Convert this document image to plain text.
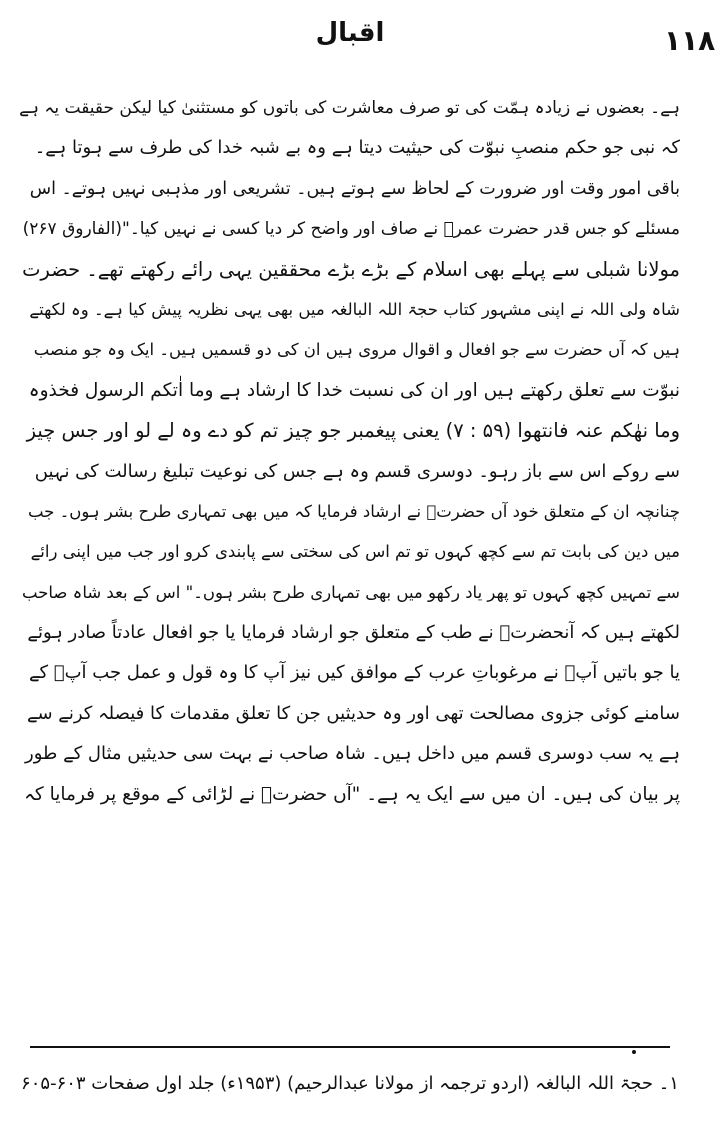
اقبال	۱۱۸
ہے۔ بعضوں نے زیادہ ہمّت کی تو صرف معاشرت کی باتوں کو مستثنیٰ کیا لیکن حقیقت یہ ہے
کہ نبی جو حکم منصبِ نبوّت کی حیثیت دیتا ہے وہ بے شبہ خدا کی طرف سے ہوتا ہے۔
باقی امور وقت اور ضرورت کے لحاظ سے ہوتے ہیں۔ تشریعی اور مذہبی نہیں ہوتے۔ اس
مسئلے کو جس قدر حضرت عمرؓ نے صاف اور واضح کر دیا کسی نے نہیں کیا۔"(الفاروق ۲۶۷)
مولانا شبلی سے پہلے بھی اسلام کے بڑے بڑے محققین یہی رائے رکھتے تھے۔ حضرت
شاہ ولی اللہ نے اپنی مشہور کتاب حجۃ اللہ البالغہ میں بھی یہی نظریہ پیش کیا ہے۔ وہ لکھتے
ہیں کہ آں حضرت سے جو افعال و اقوال مروی ہیں ان کی دو قسمیں ہیں۔ ایک وہ جو منصب
نبوّت سے تعلق رکھتے ہیں اور ان کی نسبت خدا کا ارشاد ہے وما اٰتکم الرسول فخذوہ
وما نھٰکم عنہ فانتھوا (۵۹ : ۷) یعنی پیغمبر جو چیز تم کو دے وہ لے لو اور جس چیز
سے روکے اس سے باز رہو۔ دوسری قسم وہ ہے جس کی نوعیت تبلیغ رسالت کی نہیں
چنانچہ ان کے متعلق خود آں حضرتؐ نے ارشاد فرمایا کہ میں بھی تمہاری طرح بشر ہوں۔ جب
میں دین کی بابت تم سے کچھ کہوں تو تم اس کی سختی سے پابندی کرو اور جب میں اپنی رائے
سے تمہیں کچھ کہوں تو پھر یاد رکھو میں بھی تمہاری طرح بشر ہوں۔" اس کے بعد شاہ صاحب
لکھتے ہیں کہ آنحضرتؐ نے طب کے متعلق جو ارشاد فرمایا یا جو افعال عادتاً صادر ہوئے
یا جو باتیں آپؐ نے مرغوباتِ عرب کے موافق کیں نیز آپ کا وہ قول و عمل جب آپؐ کے
سامنے کوئی جزوی مصالحت تھی اور وہ حدیثیں جن کا تعلق مقدمات کا فیصلہ کرنے سے
ہے یہ سب دوسری قسم میں داخل ہیں۔ شاہ صاحب نے بہت سی حدیثیں مثال کے طور
پر بیان کی ہیں۔ ان میں سے ایک یہ ہے۔ "آں حضرتؐ نے لڑائی کے موقع پر فرمایا کہ
۱۔ حجۃ اللہ البالغہ (اردو ترجمہ از مولانا عبدالرحیم) (۱۹۵۳ء) جلد اول صفحات ۶۰۳-۶۰۵
